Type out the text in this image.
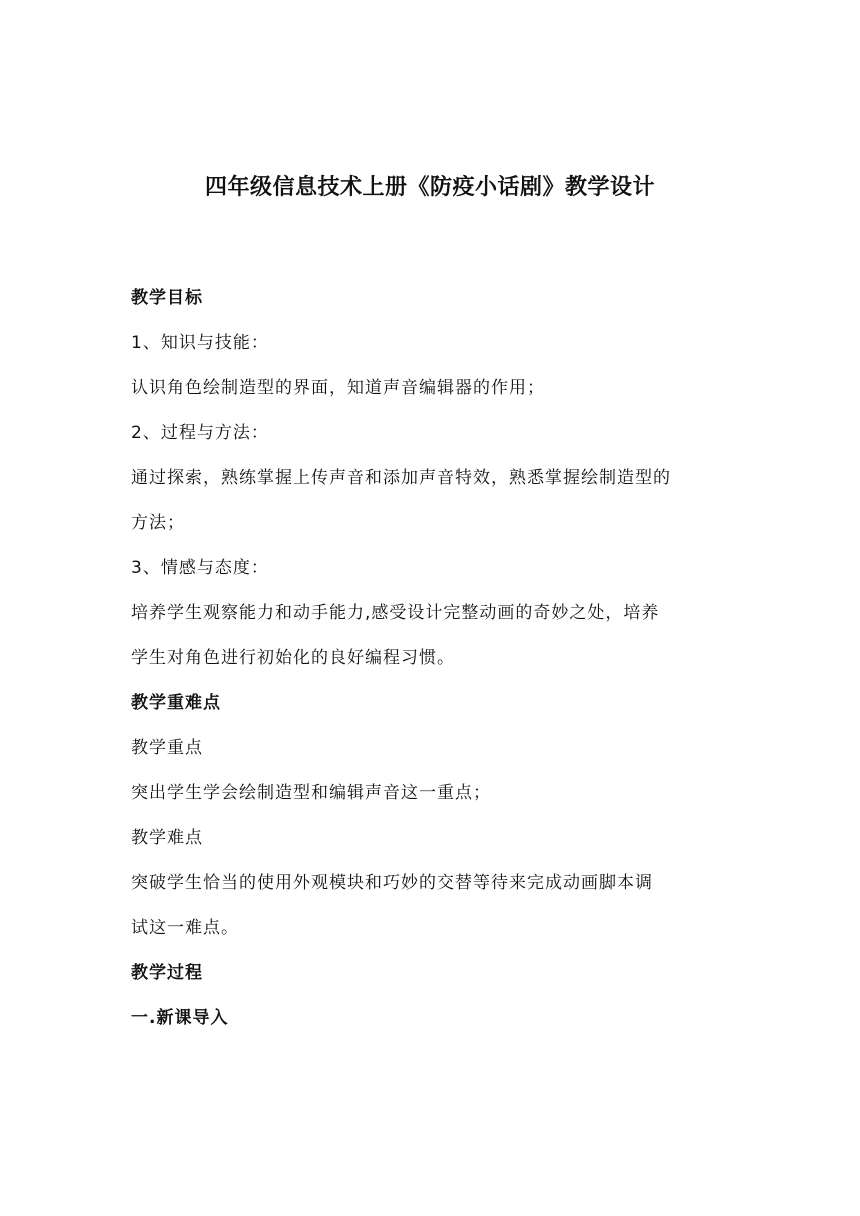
四年级信息技术上册《防疫小话剧》教学设计
教学目标
1、知识与技能：
认识角色绘制造型的界面，知道声音编辑器的作用；
2、过程与方法：
通过探索，熟练掌握上传声音和添加声音特效，熟悉掌握绘制造型的
方法；
3、情感与态度：
培养学生观察能力和动手能力,感受设计完整动画的奇妙之处，培养
学生对角色进行初始化的良好编程习惯。
教学重难点
教学重点
突出学生学会绘制造型和编辑声音这一重点；
教学难点
突破学生恰当的使用外观模块和巧妙的交替等待来完成动画脚本调
试这一难点。
教学过程
一.新课导入
